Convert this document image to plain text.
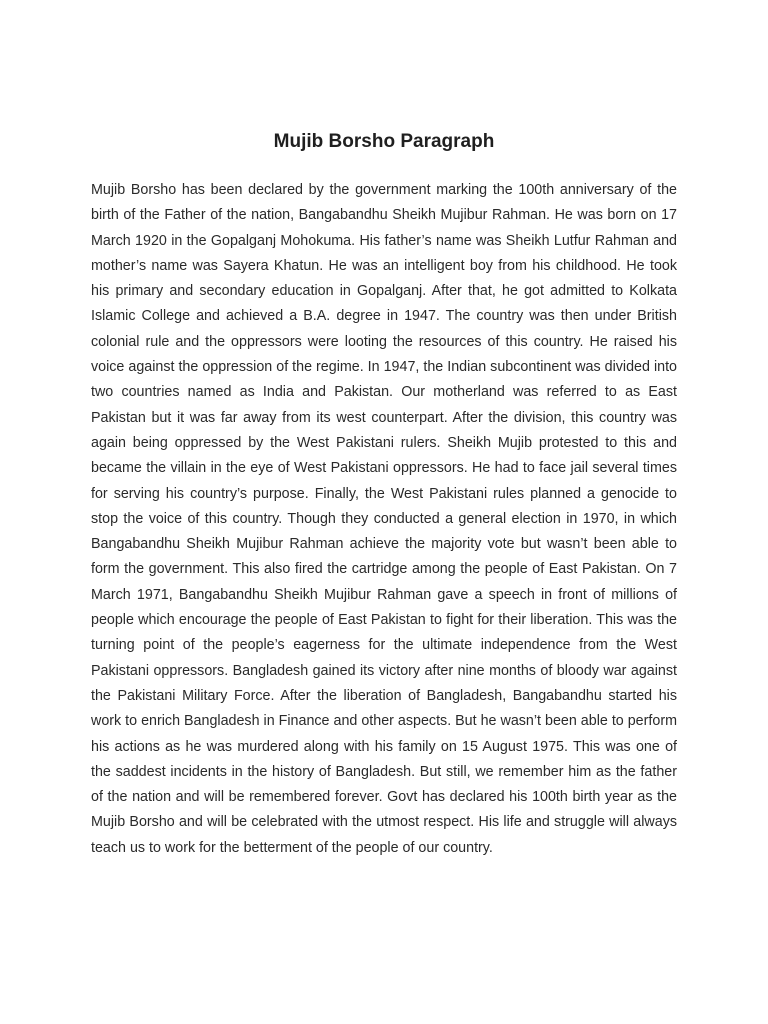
Mujib Borsho Paragraph

Mujib Borsho has been declared by the government marking the 100th anniversary of the birth of the Father of the nation, Bangabandhu Sheikh Mujibur Rahman. He was born on 17 March 1920 in the Gopalganj Mohokuma. His father’s name was Sheikh Lutfur Rahman and mother’s name was Sayera Khatun. He was an intelligent boy from his childhood. He took his primary and secondary education in Gopalganj. After that, he got admitted to Kolkata Islamic College and achieved a B.A. degree in 1947. The country was then under British colonial rule and the oppressors were looting the resources of this country. He raised his voice against the oppression of the regime. In 1947, the Indian subcontinent was divided into two countries named as India and Pakistan. Our motherland was referred to as East Pakistan but it was far away from its west counterpart. After the division, this country was again being oppressed by the West Pakistani rulers. Sheikh Mujib protested to this and became the villain in the eye of West Pakistani oppressors. He had to face jail several times for serving his country’s purpose. Finally, the West Pakistani rules planned a genocide to stop the voice of this country. Though they conducted a general election in 1970, in which Bangabandhu Sheikh Mujibur Rahman achieve the majority vote but wasn’t been able to form the government. This also fired the cartridge among the people of East Pakistan. On 7 March 1971, Bangabandhu Sheikh Mujibur Rahman gave a speech in front of millions of people which encourage the people of East Pakistan to fight for their liberation. This was the turning point of the people’s eagerness for the ultimate independence from the West Pakistani oppressors. Bangladesh gained its victory after nine months of bloody war against the Pakistani Military Force. After the liberation of Bangladesh, Bangabandhu started his work to enrich Bangladesh in Finance and other aspects. But he wasn’t been able to perform his actions as he was murdered along with his family on 15 August 1975. This was one of the saddest incidents in the history of Bangladesh. But still, we remember him as the father of the nation and will be remembered forever. Govt has declared his 100th birth year as the Mujib Borsho and will be celebrated with the utmost respect. His life and struggle will always teach us to work for the betterment of the people of our country.
